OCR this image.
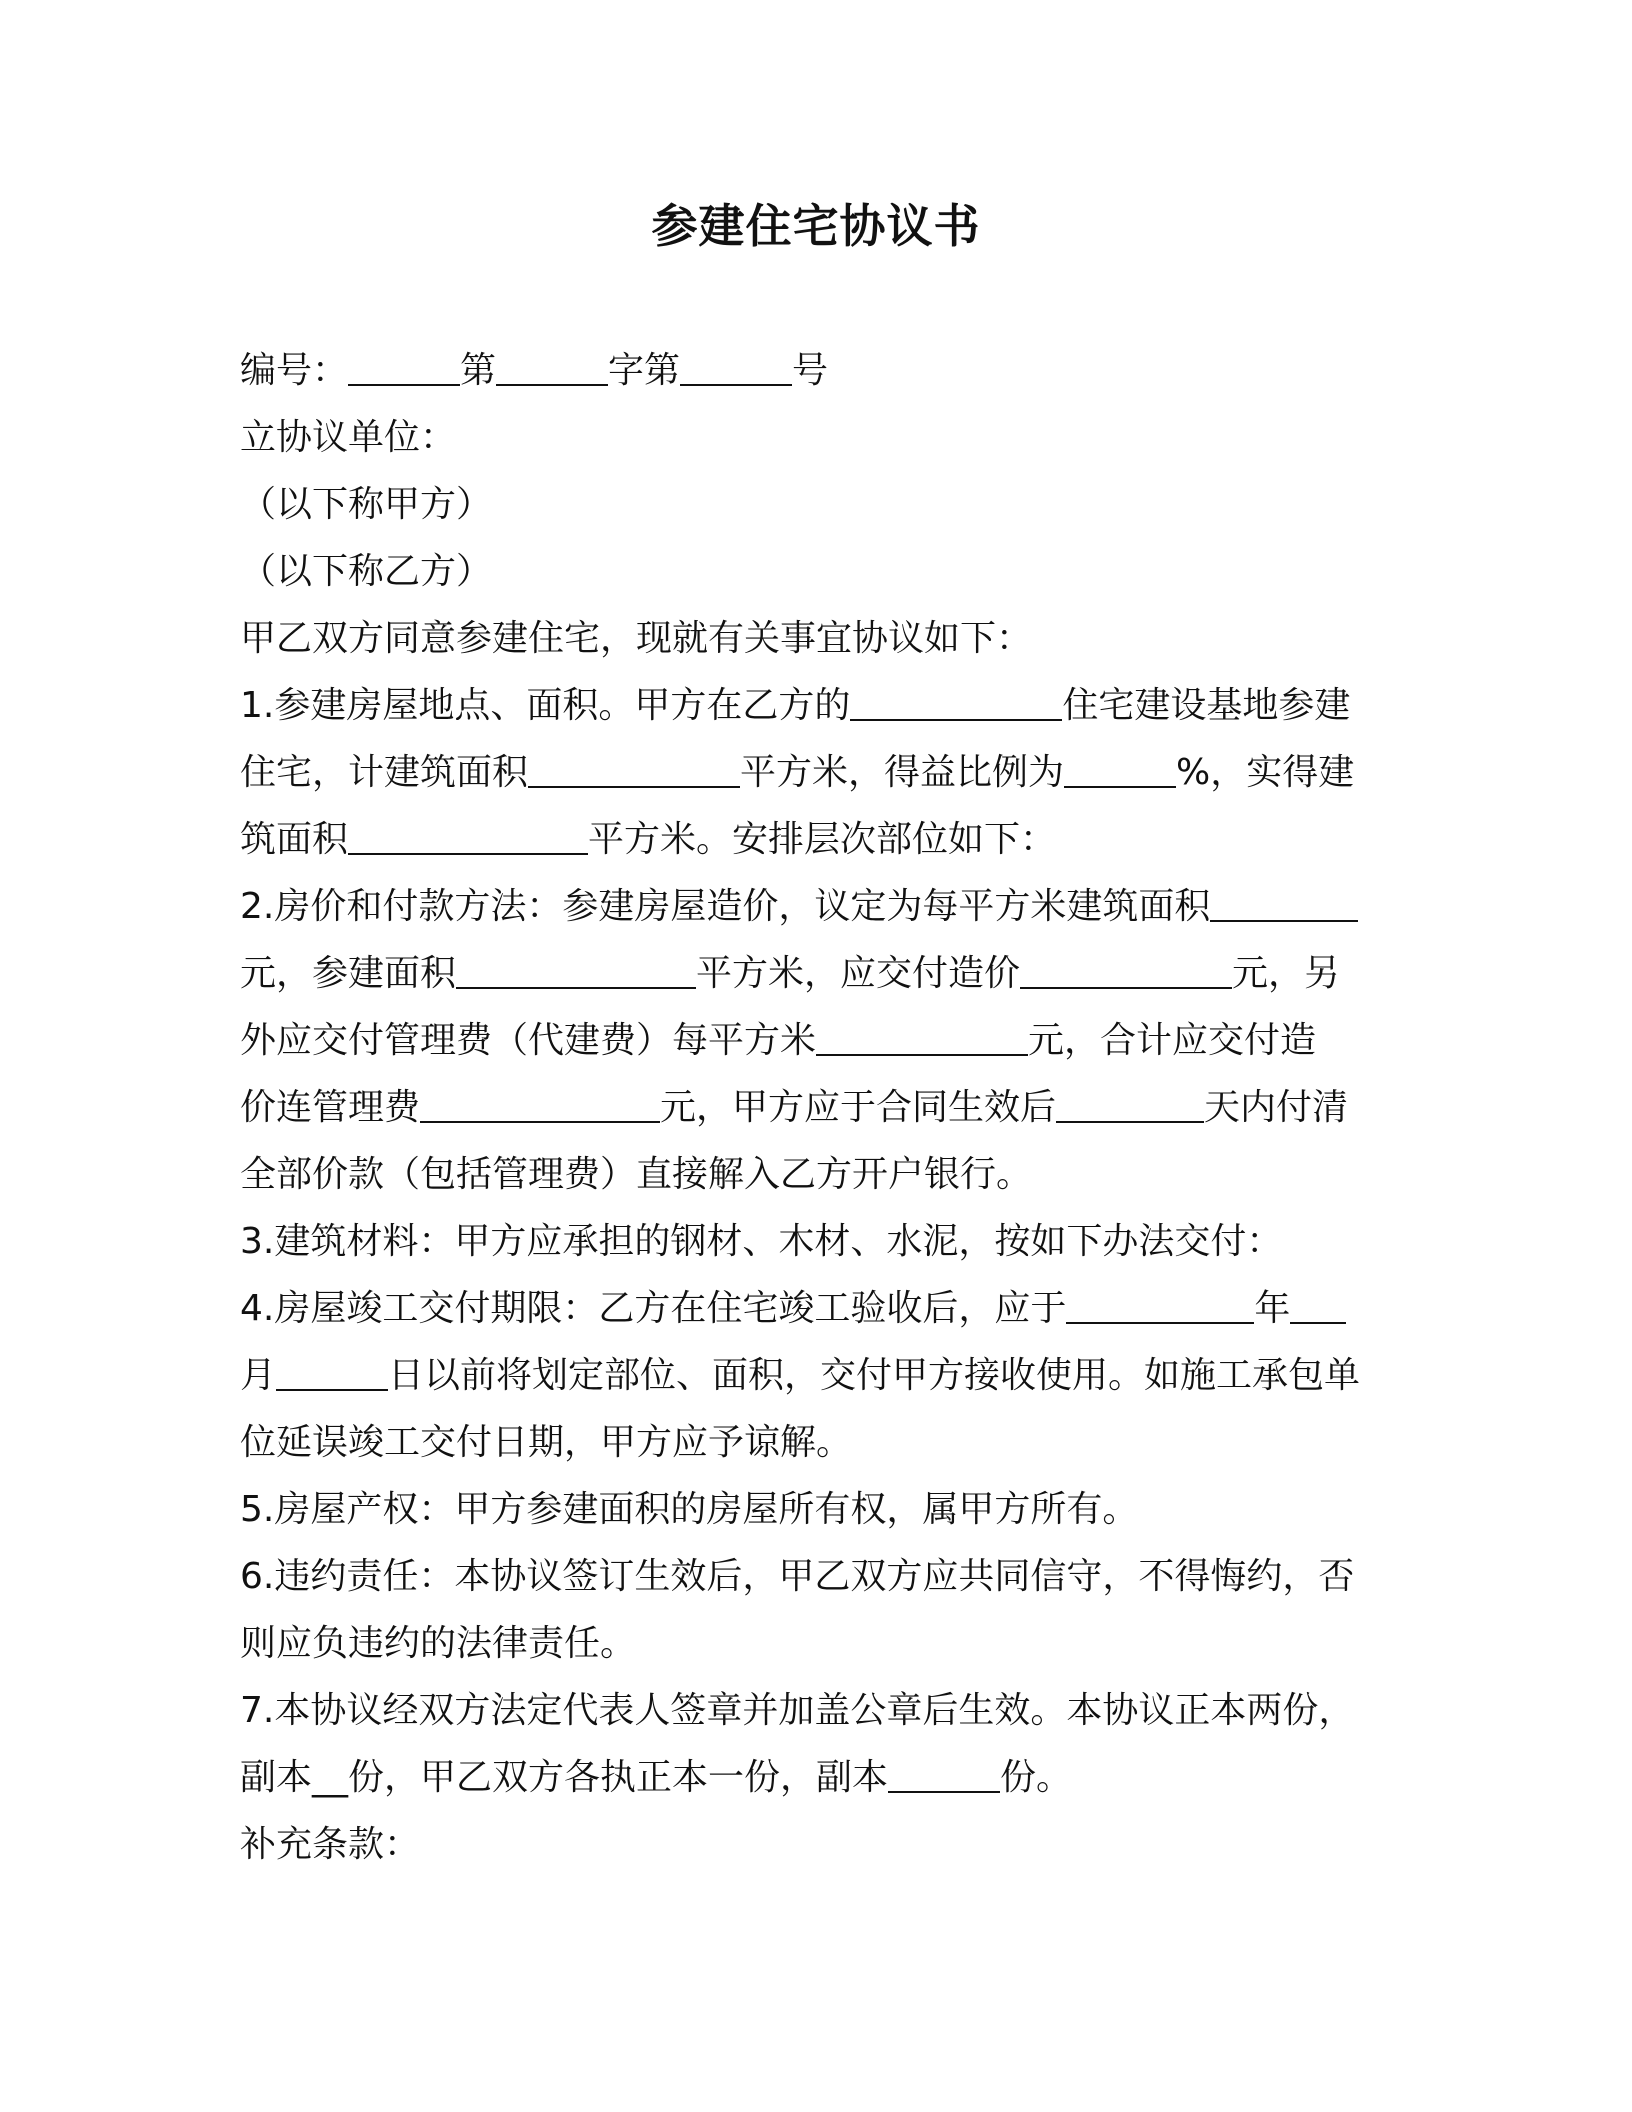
参建住宅协议书
编号：	第	字第	号
立协议单位：
（以下称甲方）
（以下称乙方）
甲乙双方同意参建住宅，现就有关事宜协议如下：
1.参建房屋地点、面积。甲方在乙方的	住宅建设基地参建
住宅，计建筑面积	平方米，得益比例为	%，实得建
筑面积	平方米。安排层次部位如下：
2.房价和付款方法：参建房屋造价，议定为每平方米建筑面积
元，参建面积	平方米，应交付造价	元，另
外应交付管理费（代建费）每平方米	元，合计应交付造
价连管理费	元，甲方应于合同生效后	天内付清
全部价款（包括管理费）直接解入乙方开户银行。
3.建筑材料：甲方应承担的钢材、木材、水泥，按如下办法交付：
4.房屋竣工交付期限：乙方在住宅竣工验收后，应于	年
月	日以前将划定部位、面积，交付甲方接收使用。如施工承包单
位延误竣工交付日期，甲方应予谅解。
5.房屋产权：甲方参建面积的房屋所有权，属甲方所有。
6.违约责任：本协议签订生效后，甲乙双方应共同信守，不得悔约，否
则应负违约的法律责任。
7.本协议经双方法定代表人签章并加盖公章后生效。本协议正本两份，
副本__份，甲乙双方各执正本一份，副本	份。
补充条款：
